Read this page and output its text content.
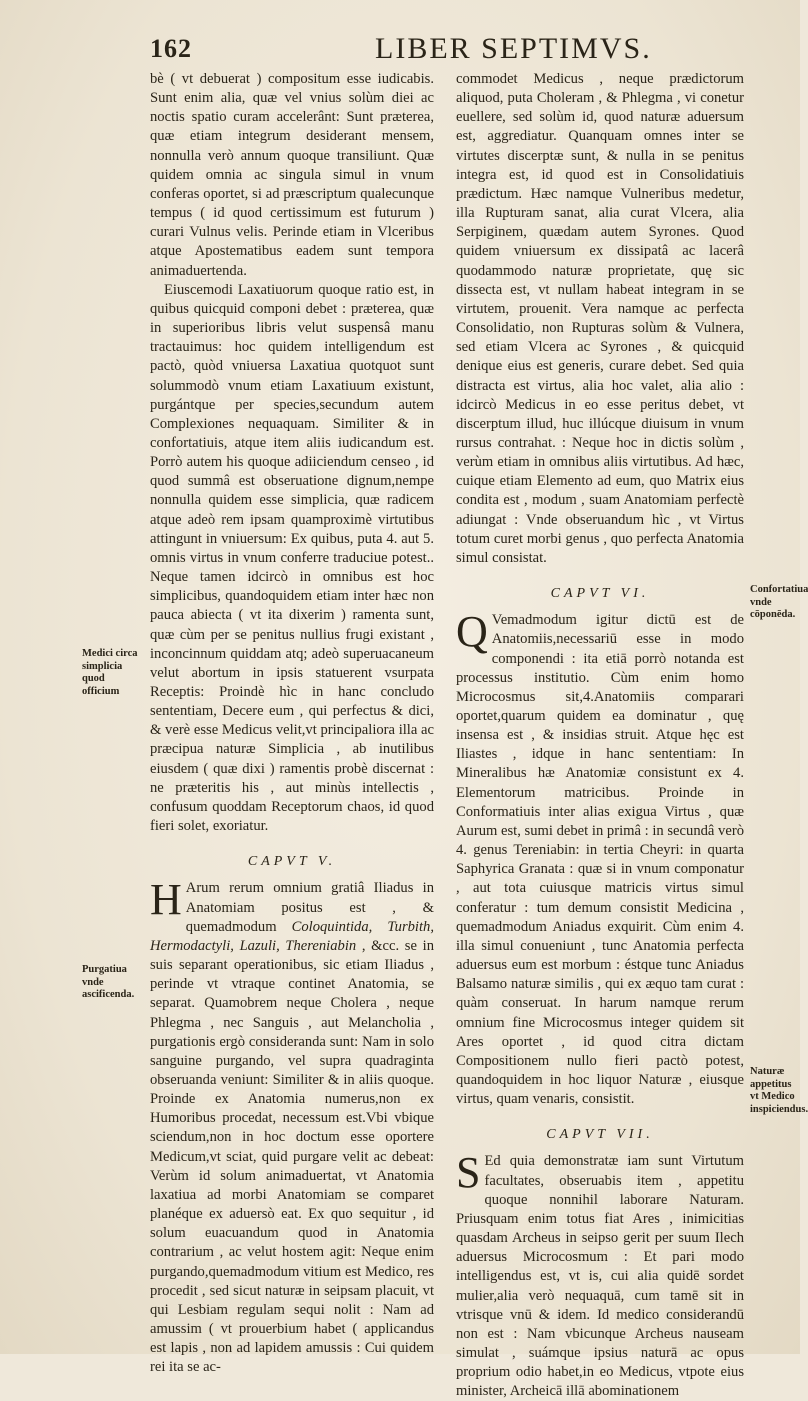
162	LIBER SEPTIMVS.

bè ( vt debuerat ) compositum esse iudicabis. Sunt enim alia, quæ vel vnius solùm diei ac noctis spatio curam accelerânt: Sunt præterea, quæ etiam integrum desiderant mensem, nonnulla verò annum quoque transiliunt. Quæ quidem omnia ac singula simul in vnum conferas oportet, si ad præscriptum qualecunque tempus ( id quod certissimum est futurum ) curari Vulnus velis. Perinde etiam in Vlceribus atque Apostematibus eadem sunt tempora animaduertenda.

Eiuscemodi Laxatiuorum quoque ratio est, in quibus quicquid componi debet : præterea, quæ in superioribus libris velut suspensâ manu tractauimus: hoc quidem intelligendum est pactò, quòd vniuersa Laxatiua quotquot sunt solummodò vnum etiam Laxatiuum existunt, purgántque per species,secundum autem Complexiones nequaquam. Similiter & in confortatiuis, atque item aliis iudicandum est. Porrò autem his quoque adiiciendum censeo , id quod summâ est obseruatione dignum,nempe nonnulla quidem esse simplicia, quæ radicem atque adeò rem ipsam quamproximè virtutibus attingunt in vniuersum: Ex quibus, puta 4. aut 5. omnis virtus in vnum conferre traduciue potest.. Neque tamen idcircò in omnibus est hoc simplicibus, quandoquidem etiam inter hæc non pauca abiecta ( vt ita dixerim ) ramenta sunt, quæ cùm per se penitus nullius frugi existant , inconcinnum quiddam atq; adeò superuacaneum velut abortum in ipsis statuerent vsurpata Receptis: Proindè hìc in hanc concludo sententiam, Decere eum , qui perfectus & dici, & verè esse Medicus velit,vt principaliora illa ac præcipua naturæ Simplicia , ab inutilibus eiusdem ( quæ dixi ) ramentis probè discernat : ne præteritis his , aut minùs intellectis , confusum quoddam Receptorum chaos, id quod fieri solet, exoriatur.

CAPVT V.

H Arum rerum omnium gratiâ Iliadus in Anatomiam positus est , & quemadmodum Coloquintida, Turbith, Hermodactyli, Lazuli, Thereniabin , &cc. se in suis separant operationibus, sic etiam Iliadus , perinde vt vtraque continet Anatomia, se separat. Quamobrem neque Cholera , neque Phlegma , nec Sanguis , aut Melancholia , purgationis ergò considerandа sunt: Nam in solo sanguine purgando, vel supra quadraginta obseruanda veniunt: Similiter & in aliis quoque. Proinde ex Anatomia numerus,non ex Humoribus procedat, necessum est.Vbi vbique sciendum,non in hoc doctum esse oportere Medicum,vt sciat, quid purgare velit ac debeat: Verùm id solum animaduertat, vt Anatomia laxatiua ad morbi Anatomiam se comparet planéque ex aduersò eat. Ex quo sequitur , id solum euacuandum quod in Anatomia contrarium , ac velut hostem agit: Neque enim purgando,quemadmodum vitium est Medico, res procedit , sed sicut naturæ in seipsam placuit, vt qui Lesbiam regulam sequi nolit : Nam ad amussim ( vt prouerbium habet ( applicandus est lapis , non ad lapidem amussis : Cui quidem rei ita se ac-

commodet Medicus , neque prædictorum aliquod, puta Choleram , & Phlegma , vi conetur euellere, sed solùm id, quod naturæ aduersum est, aggrediatur. Quanquam omnes inter se virtutes discerptæ sunt, & nulla in se penitus integra est, id quod est in Consolidatiuis prædictum. Hæc namque Vulneribus medetur, illa Rupturam sanat, alia curat Vlcera, alia Serpiginem, quædam autem Syrones. Quod quidem vniuersum ex dissipatâ ac lacerâ quodammodo naturæ proprietate, quę sic dissecta est, vt nullam habeat integram in se virtutem, prouenit. Vera namque ac perfecta Consolidatio, non Rupturas solùm & Vulnera, sed etiam Vlcera ac Syrones , & quicquid denique eius est generis, curare debet. Sed quia distracta est virtus, alia hoc valet, alia alio : idcircò Medicus in eo esse peritus debet, vt discerptum illud, huc illúcque diuisum in vnum rursus contrahat. : Neque hoc in dictis solùm , verùm etiam in omnibus aliis virtutibus. Ad hæc, cuique etiam Elemento ad eum, quo Matrix eius condita est , modum , suam Anatomiam perfectè adiungat : Vnde obseruandum hìc , vt Virtus totum curet morbi genus , quo perfecta Anatomia simul consistat.

CAPVT VI.

Q Vemadmodum igitur dictū est de Anatomiis,necessariū esse in modo componendi : ita etiā porrò notanda est processus institutio. Cùm enim homo Microcosmus sit,4.Anatomiis comparari oportet,quarum quidem ea dominatur , quę insensa est , & insidias struit. Atque hęc est Iliastes , idque in hanc sententiam: In Mineralibus hæ Anatomiæ consistunt ex 4. Elementorum matricibus. Proinde in Conformatiuis inter alias exigua Virtus , quæ Aurum est, sumi debet in primâ : in secundâ verò 4. genus Tereniabin: in tertia Cheyri: in quarta Saphyrica Granata : quæ si in vnum componatur , aut tota cuiusque matricis virtus simul conferatur : tum demum consistit Medicina , quemadmodum Aniadus exquirit. Cùm enim 4. illa simul conueniunt , tunc Anatomia perfecta aduersus eum est morbum : éstque tunc Aniadus Balsamo naturæ similis , qui ex æquo tam curat : quàm conseruat. In harum namque rerum omnium fine Microcosmus integer quidem sit Ares oportet , id quod citra dictam Compositionem nullo fieri pactò potest, quandoquidem in hoc liquor Naturæ , eiusque virtus, quam venaris, consistit.

CAPVT VII.

S Ed quia demonstratæ iam sunt Virtutum facultates, obseruabis item , appetitu quoque nonnihil laborare Naturam. Priusquam enim totus fiat Ares , inimicitias quasdam Archeus in seipso gerit per suum Ilech aduersus Microcosmum : Et pari modo intelligendus est, vt is, cui alia quidē sordet mulier,alia verò nequaquā, cum tamē sit in vtrisque vnū & idem. Id medico considerandū non est : Nam vbicunque Archeus nauseam simulat , suámque ipsius naturā ac opus proprium odio habet,in eo Medicus, vtpote eius minister, Archeicā illā abominationem

Medici circa simplicia quod officium
Purgatiua vnde ascificenda.
Confortatiua vnde cōponēda.
Naturæ appetitus vt Medico inspiciendus.
